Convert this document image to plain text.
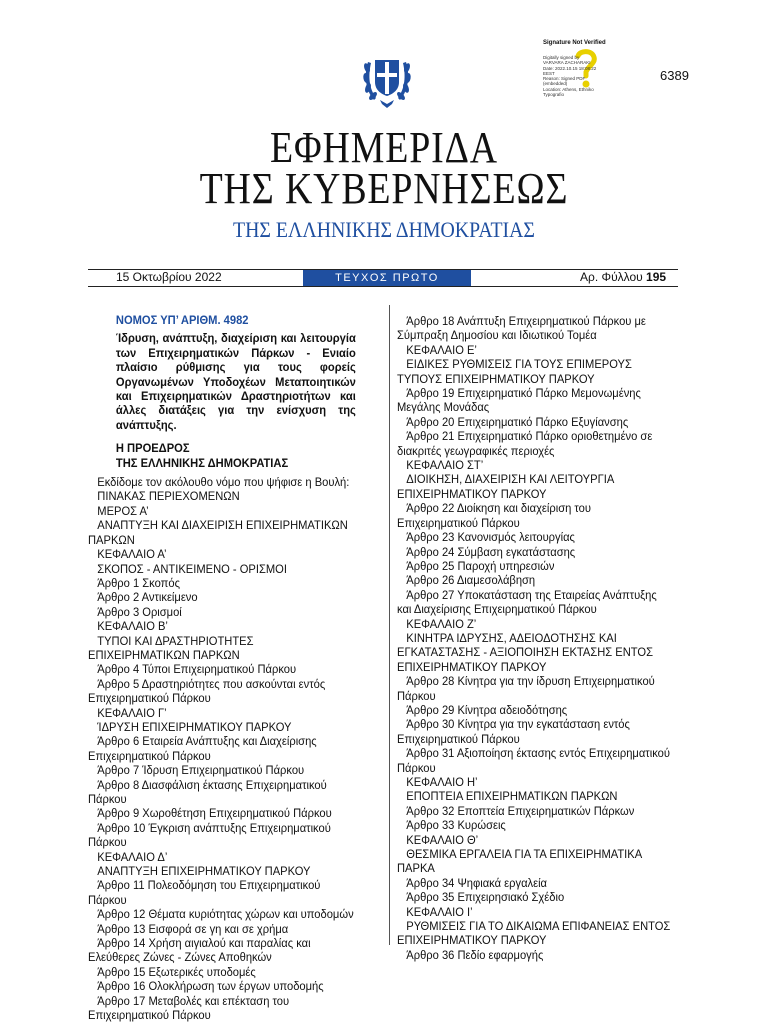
Signature Not Verified
Digitally signed by
VARVARA ZACHARAKI
Date: 2022.10.15 18:08:22
EEST
Reason: Signed PDF
(embedded)
Location: Athens, Ethniko
Typografio
6389
ΕΦΗΜΕΡΙΔΑ
ΤΗΣ ΚΥΒΕΡΝΗΣΕΩΣ
ΤΗΣ ΕΛΛΗΝΙΚΗΣ ΔΗΜΟΚΡΑΤΙΑΣ
15 Οκτωβρίου 2022	ΤΕΥΧΟΣ ΠΡΩΤΟ	Αρ. Φύλλου 195

ΝΟΜΟΣ ΥΠ’ ΑΡΙΘΜ. 4982

Ίδρυση, ανάπτυξη, διαχείριση και λειτουργία των Επιχειρηματικών Πάρκων - Ενιαίο πλαίσιο ρύθμισης για τους φορείς Οργανωμένων Υποδοχέων Μεταποιητικών και Επιχειρηματικών Δραστηριοτήτων και άλλες διατάξεις για την ενίσχυση της ανάπτυξης.

Η ΠΡΟΕΔΡΟΣ

ΤΗΣ ΕΛΛΗΝΙΚΗΣ ΔΗΜΟΚΡΑΤΙΑΣ

Εκδίδομε τον ακόλουθο νόμο που ψήφισε η Βουλή:

ΠΙΝΑΚΑΣ ΠΕΡΙΕΧΟΜΕΝΩΝ

ΜΕΡΟΣ Α’

ΑΝΑΠΤΥΞΗ ΚΑΙ ΔΙΑΧΕΙΡΙΣΗ ΕΠΙΧΕΙΡΗΜΑΤΙΚΩΝ ΠΑΡΚΩΝ

ΚΕΦΑΛΑΙΟ Α’

ΣΚΟΠΟΣ - ΑΝΤΙΚΕΙΜΕΝΟ - ΟΡΙΣΜΟΙ

Άρθρο 1 Σκοπός

Άρθρο 2 Αντικείμενο

Άρθρο 3 Ορισμοί

ΚΕΦΑΛΑΙΟ Β’

ΤΥΠΟΙ ΚΑΙ ΔΡΑΣΤΗΡΙΟΤΗΤΕΣ ΕΠΙΧΕΙΡΗΜΑΤΙΚΩΝ ΠΑΡΚΩΝ

Άρθρο 4 Τύποι Επιχειρηματικού Πάρκου

Άρθρο 5 Δραστηριότητες που ασκούνται εντός Επιχειρηματικού Πάρκου

ΚΕΦΑΛΑΙΟ Γ’

ΊΔΡΥΣΗ ΕΠΙΧΕΙΡΗΜΑΤΙΚΟΥ ΠΑΡΚΟΥ

Άρθρο 6 Εταιρεία Ανάπτυξης και Διαχείρισης Επιχειρηματικού Πάρκου

Άρθρο 7 Ίδρυση Επιχειρηματικού Πάρκου

Άρθρο 8 Διασφάλιση έκτασης Επιχειρηματικού Πάρκου

Άρθρο 9 Χωροθέτηση Επιχειρηματικού Πάρκου

Άρθρο 10 Έγκριση ανάπτυξης Επιχειρηματικού Πάρκου

ΚΕΦΑΛΑΙΟ Δ’

ΑΝΑΠΤΥΞΗ ΕΠΙΧΕΙΡΗΜΑΤΙΚΟΥ ΠΑΡΚΟΥ

Άρθρο 11 Πολεοδόμηση του Επιχειρηματικού Πάρκου

Άρθρο 12 Θέματα κυριότητας χώρων και υποδομών

Άρθρο 13 Εισφορά σε γη και σε χρήμα

Άρθρο 14 Χρήση αιγιαλού και παραλίας και Ελεύθερες Ζώνες - Ζώνες Αποθηκών

Άρθρο 15 Εξωτερικές υποδομές

Άρθρο 16 Ολοκλήρωση των έργων υποδομής

Άρθρο 17 Μεταβολές και επέκταση του Επιχειρηματικού Πάρκου

Άρθρο 18 Ανάπτυξη Επιχειρηματικού Πάρκου με Σύμπραξη Δημοσίου και Ιδιωτικού Τομέα

ΚΕΦΑΛΑΙΟ Ε’

ΕΙΔΙΚΕΣ ΡΥΘΜΙΣΕΙΣ ΓΙΑ ΤΟΥΣ ΕΠΙΜΕΡΟΥΣ ΤΥΠΟΥΣ ΕΠΙΧΕΙΡΗΜΑΤΙΚΟΥ ΠΑΡΚΟΥ

Άρθρο 19 Επιχειρηματικό Πάρκο Μεμονωμένης Μεγάλης Μονάδας

Άρθρο 20 Επιχειρηματικό Πάρκο Εξυγίανσης

Άρθρο 21 Επιχειρηματικό Πάρκο οριοθετημένο σε διακριτές γεωγραφικές περιοχές

ΚΕΦΑΛΑΙΟ ΣΤ’

ΔΙΟΙΚΗΣΗ, ΔΙΑΧΕΙΡΙΣΗ ΚΑΙ ΛΕΙΤΟΥΡΓΙΑ ΕΠΙΧΕΙΡΗΜΑΤΙΚΟΥ ΠΑΡΚΟΥ

Άρθρο 22 Διοίκηση και διαχείριση του Επιχειρηματικού Πάρκου

Άρθρο 23 Κανονισμός λειτουργίας

Άρθρο 24 Σύμβαση εγκατάστασης

Άρθρο 25 Παροχή υπηρεσιών

Άρθρο 26 Διαμεσολάβηση

Άρθρο 27 Υποκατάσταση της Εταιρείας Ανάπτυξης και Διαχείρισης Επιχειρηματικού Πάρκου

ΚΕΦΑΛΑΙΟ Ζ’

ΚΙΝΗΤΡΑ ΙΔΡΥΣΗΣ, ΑΔΕΙΟΔΟΤΗΣΗΣ ΚΑΙ ΕΓΚΑΤΑΣΤΑΣΗΣ - ΑΞΙΟΠΟΙΗΣΗ ΕΚΤΑΣΗΣ ΕΝΤΟΣ ΕΠΙΧΕΙΡΗΜΑΤΙΚΟΥ ΠΑΡΚΟΥ

Άρθρο 28 Κίνητρα για την ίδρυση Επιχειρηματικού Πάρκου

Άρθρο 29 Κίνητρα αδειοδότησης

Άρθρο 30 Κίνητρα για την εγκατάσταση εντός Επιχειρηματικού Πάρκου

Άρθρο 31 Αξιοποίηση έκτασης εντός Επιχειρηματικού Πάρκου

ΚΕΦΑΛΑΙΟ Η’

ΕΠΟΠΤΕΙΑ ΕΠΙΧΕΙΡΗΜΑΤΙΚΩΝ ΠΑΡΚΩΝ

Άρθρο 32 Εποπτεία Επιχειρηματικών Πάρκων

Άρθρο 33 Κυρώσεις

ΚΕΦΑΛΑΙΟ Θ’

ΘΕΣΜΙΚΑ ΕΡΓΑΛΕΙΑ ΓΙΑ ΤΑ ΕΠΙΧΕΙΡΗΜΑΤΙΚΑ ΠΑΡΚΑ

Άρθρο 34 Ψηφιακά εργαλεία

Άρθρο 35 Επιχειρησιακό Σχέδιο

ΚΕΦΑΛΑΙΟ Ι’

ΡΥΘΜΙΣΕΙΣ ΓΙΑ ΤΟ ΔΙΚΑΙΩΜΑ ΕΠΙΦΑΝΕΙΑΣ ΕΝΤΟΣ ΕΠΙΧΕΙΡΗΜΑΤΙΚΟΥ ΠΑΡΚΟΥ

Άρθρο 36 Πεδίο εφαρμογής
